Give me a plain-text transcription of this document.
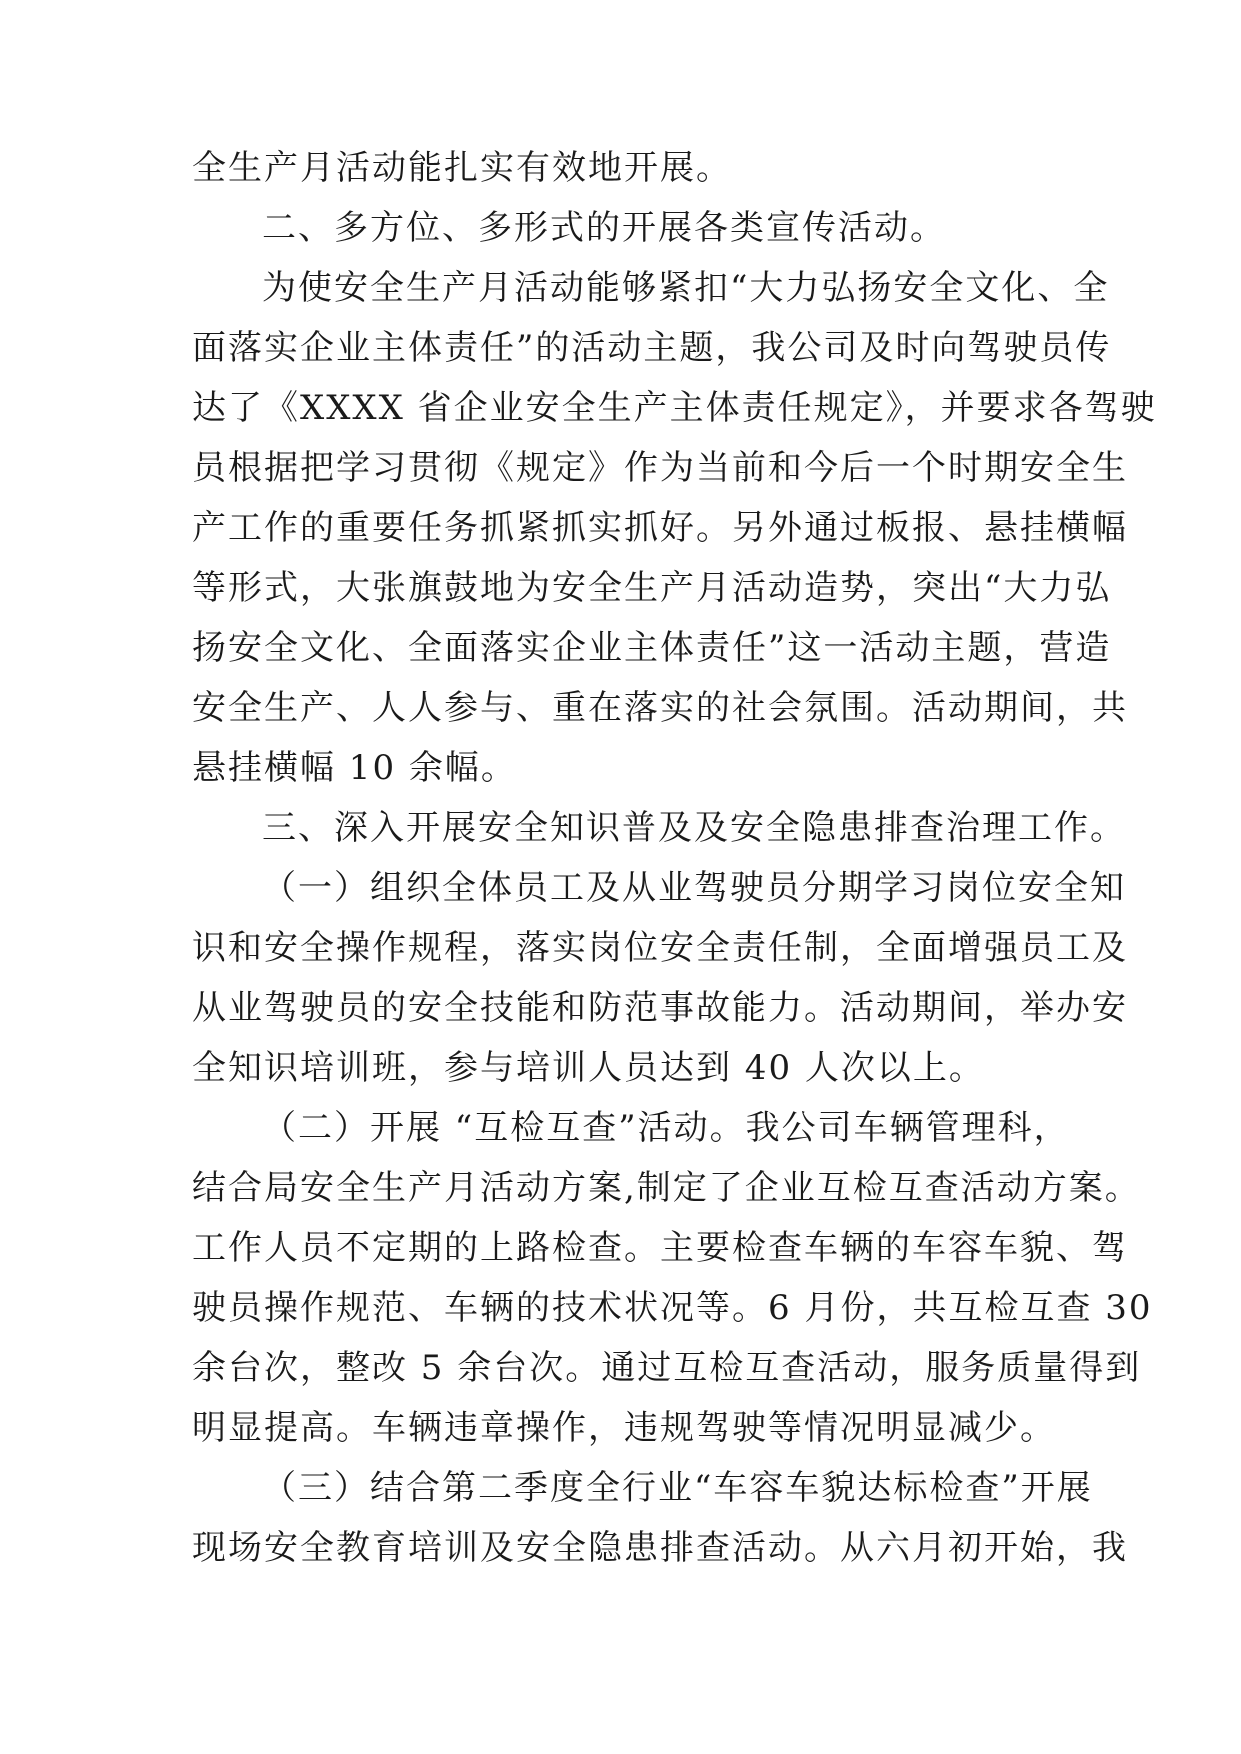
全生产月活动能扎实有效地开展。
二、多方位、多形式的开展各类宣传活动。
为使安全生产月活动能够紧扣“大力弘扬安全文化、全
面落实企业主体责任”的活动主题，我公司及时向驾驶员传
达了《XXXX 省企业安全生产主体责任规定》，并要求各驾驶
员根据把学习贯彻《规定》作为当前和今后一个时期安全生
产工作的重要任务抓紧抓实抓好。另外通过板报、悬挂横幅
等形式，大张旗鼓地为安全生产月活动造势，突出“大力弘
扬安全文化、全面落实企业主体责任”这一活动主题，营造
安全生产、人人参与、重在落实的社会氛围。活动期间，共
悬挂横幅 10 余幅。
三、深入开展安全知识普及及安全隐患排查治理工作。
（一）组织全体员工及从业驾驶员分期学习岗位安全知
识和安全操作规程，落实岗位安全责任制，全面增强员工及
从业驾驶员的安全技能和防范事故能力。活动期间，举办安
全知识培训班，参与培训人员达到 40 人次以上。
（二）开展 “互检互查”活动。我公司车辆管理科，
结合局安全生产月活动方案,制定了企业互检互查活动方案。
工作人员不定期的上路检查。主要检查车辆的车容车貌、驾
驶员操作规范、车辆的技术状况等。6 月份，共互检互查 30
余台次，整改 5 余台次。通过互检互查活动，服务质量得到
明显提高。车辆违章操作，违规驾驶等情况明显减少。
（三）结合第二季度全行业“车容车貌达标检查”开展
现场安全教育培训及安全隐患排查活动。从六月初开始，我
